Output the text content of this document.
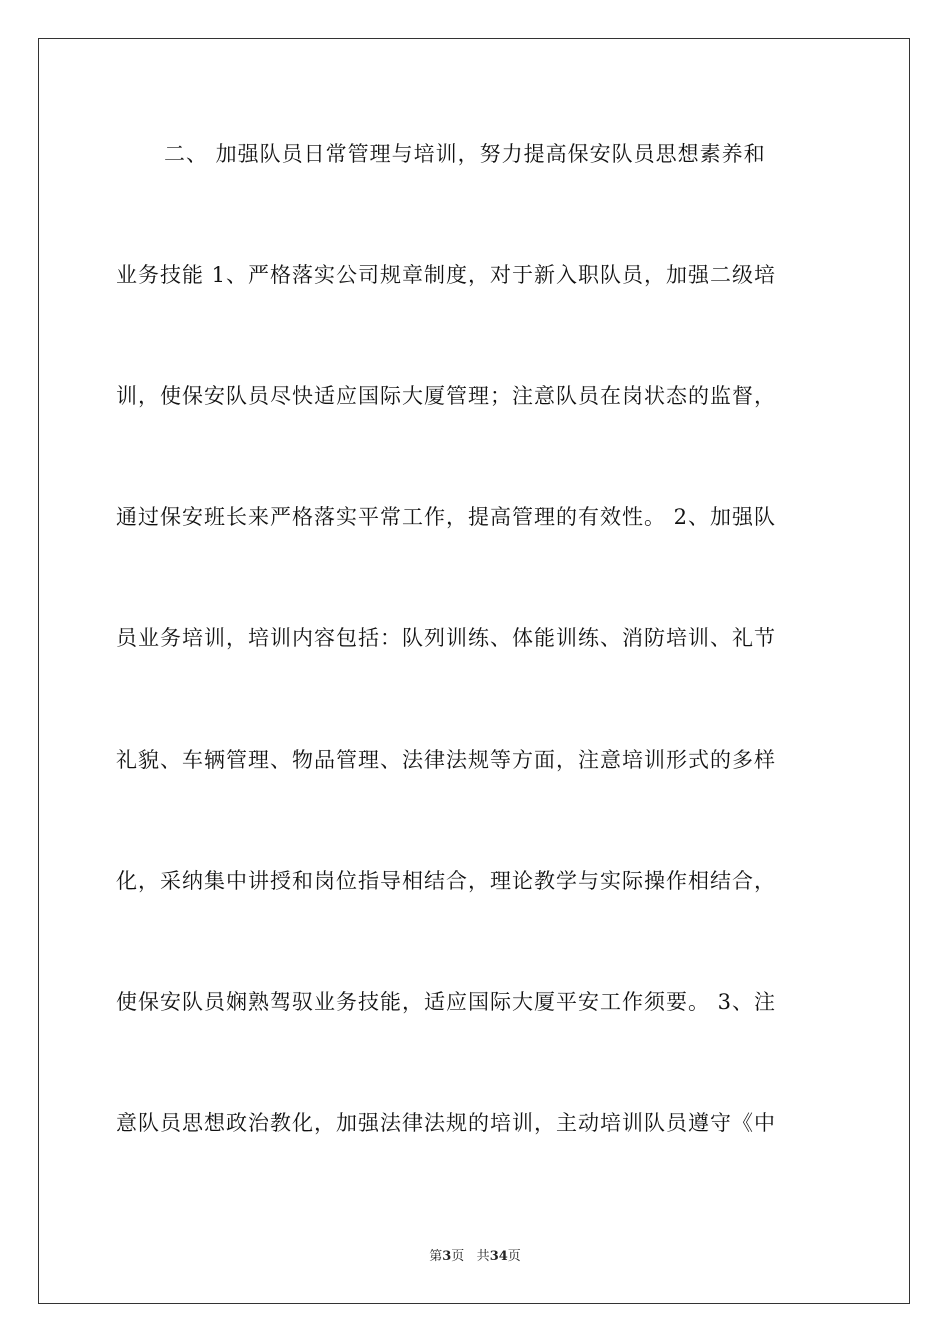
二、 加强队员日常管理与培训，努力提高保安队员思想素养和
业务技能 1、严格落实公司规章制度，对于新入职队员，加强二级培
训，使保安队员尽快适应国际大厦管理；注意队员在岗状态的监督，
通过保安班长来严格落实平常工作，提高管理的有效性。 2、加强队
员业务培训，培训内容包括：队列训练、体能训练、消防培训、礼节
礼貌、车辆管理、物品管理、法律法规等方面，注意培训形式的多样
化，采纳集中讲授和岗位指导相结合，理论教学与实际操作相结合，
使保安队员娴熟驾驭业务技能，适应国际大厦平安工作须要。 3、注
意队员思想政治教化，加强法律法规的培训，主动培训队员遵守《中
第3页 共34页
